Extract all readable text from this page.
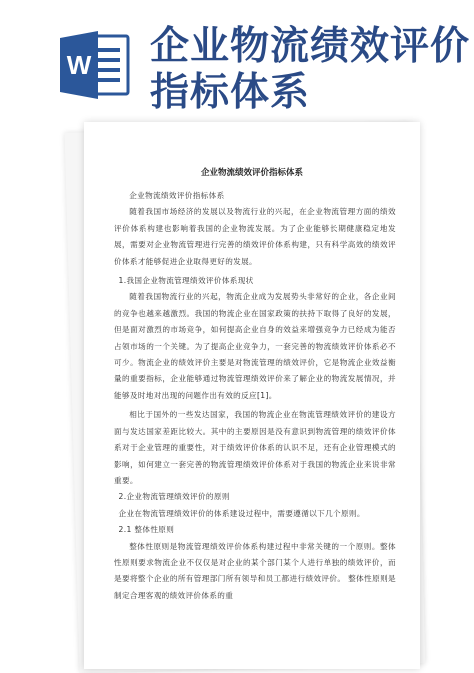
W 企业物流绩效评价
指标体系
企业物流绩效评价指标体系

企业物流绩效评价指标体系

随着我国市场经济的发展以及物流行业的兴起，在企业物流管理方面的绩效评价体系构建也影响着我国的企业物流发展。为了企业能够长期健康稳定地发展，需要对企业物流管理进行完善的绩效评价体系构建，只有科学高效的绩效评价体系才能够促进企业取得更好的发展。

1.我国企业物流管理绩效评价体系现状

随着我国物流行业的兴起，物流企业成为发展势头非常好的企业，各企业间的竞争也越来越激烈。我国的物流企业在国家政策的扶持下取得了良好的发展，但是面对激烈的市场竞争，如何提高企业自身的效益来增强竞争力已经成为能否占领市场的一个关键。为了提高企业竞争力，一套完善的物流绩效评价体系必不可少。物流企业的绩效评价主要是对物流管理的绩效评价，它是物流企业效益衡量的重要指标，企业能够通过物流管理绩效评价来了解企业的物流发展情况，并能够及时地对出现的问题作出有效的反应[1]。

相比于国外的一些发达国家，我国的物流企业在物流管理绩效评价的建设方面与发达国家差距比较大。其中的主要原因是没有意识到物流管理的绩效评价体系对于企业管理的重要性，对于绩效评价体系的认识不足，还有企业管理模式的影响，如何建立一套完善的物流管理绩效评价体系对于我国的物流企业来说非常重要。

2.企业物流管理绩效评价的原则

企业在物流管理绩效评价的体系建设过程中，需要遵循以下几个原则。

2.1 整体性原则

整体性原则是物流管理绩效评价体系构建过程中非常关键的一个原则。整体性原则要求物流企业不仅仅是对企业的某个部门某个人进行单独的绩效评价，而是要将整个企业的所有管理部门所有领导和员工都进行绩效评价。 整体性原则是制定合理客观的绩效评价体系的重
